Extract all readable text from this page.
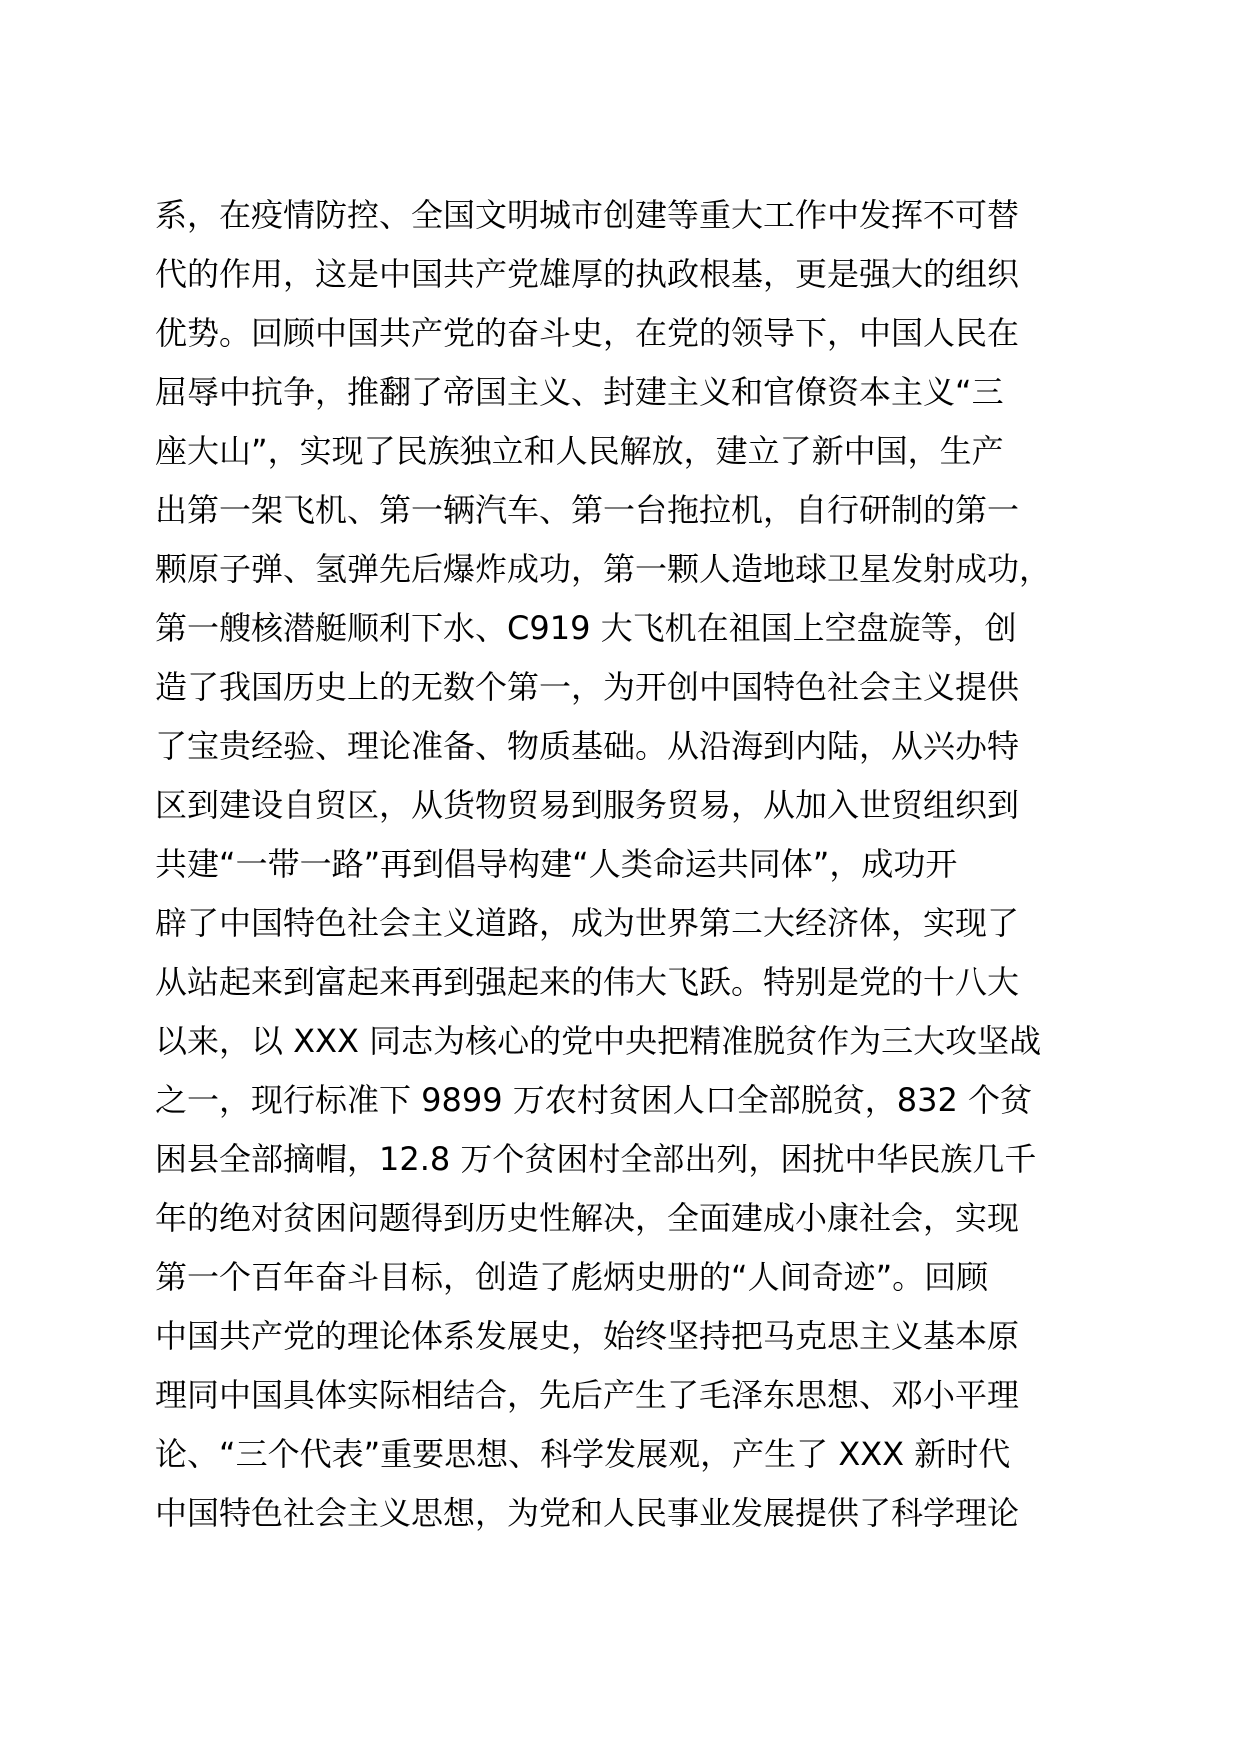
系，在疫情防控、全国文明城市创建等重大工作中发挥不可替
代的作用，这是中国共产党雄厚的执政根基，更是强大的组织
优势。回顾中国共产党的奋斗史，在党的领导下，中国人民在
屈辱中抗争，推翻了帝国主义、封建主义和官僚资本主义“三
座大山”，实现了民族独立和人民解放，建立了新中国，生产
出第一架飞机、第一辆汽车、第一台拖拉机，自行研制的第一
颗原子弹、氢弹先后爆炸成功，第一颗人造地球卫星发射成功，
第一艘核潜艇顺利下水、C919 大飞机在祖国上空盘旋等，创
造了我国历史上的无数个第一，为开创中国特色社会主义提供
了宝贵经验、理论准备、物质基础。从沿海到内陆，从兴办特
区到建设自贸区，从货物贸易到服务贸易，从加入世贸组织到
共建“一带一路”再到倡导构建“人类命运共同体”，成功开
辟了中国特色社会主义道路，成为世界第二大经济体，实现了
从站起来到富起来再到强起来的伟大飞跃。特别是党的十八大
以来，以 XXX 同志为核心的党中央把精准脱贫作为三大攻坚战
之一，现行标准下 9899 万农村贫困人口全部脱贫，832 个贫
困县全部摘帽，12.8 万个贫困村全部出列，困扰中华民族几千
年的绝对贫困问题得到历史性解决，全面建成小康社会，实现
第一个百年奋斗目标，创造了彪炳史册的“人间奇迹”。回顾
中国共产党的理论体系发展史，始终坚持把马克思主义基本原
理同中国具体实际相结合，先后产生了毛泽东思想、邓小平理
论、“三个代表”重要思想、科学发展观，产生了 XXX 新时代
中国特色社会主义思想，为党和人民事业发展提供了科学理论
